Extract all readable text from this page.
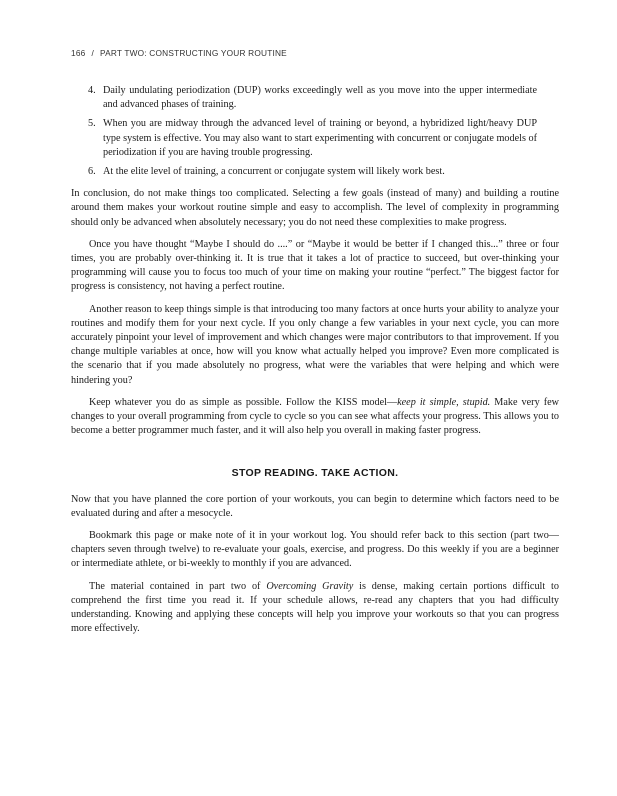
166 / PART TWO: CONSTRUCTING YOUR ROUTINE
4. Daily undulating periodization (DUP) works exceedingly well as you move into the upper intermediate and advanced phases of training.
5. When you are midway through the advanced level of training or beyond, a hybridized light/heavy DUP type system is effective. You may also want to start experimenting with concurrent or conjugate models of periodization if you are having trouble progressing.
6. At the elite level of training, a concurrent or conjugate system will likely work best.

In conclusion, do not make things too complicated. Selecting a few goals (instead of many) and building a routine around them makes your workout routine simple and easy to accomplish. The level of complexity in programming should only be advanced when absolutely necessary; you do not need these complexities to make progress.

Once you have thought “Maybe I should do ....” or “Maybe it would be better if I changed this...” three or four times, you are probably over-thinking it. It is true that it takes a lot of practice to succeed, but over-thinking your programming will cause you to focus too much of your time on making your routine “perfect.” The biggest factor for progress is consistency, not having a perfect routine.

Another reason to keep things simple is that introducing too many factors at once hurts your ability to analyze your routines and modify them for your next cycle. If you only change a few variables in your next cycle, you can more accurately pinpoint your level of improvement and which changes were major contributors to that improvement. If you change multiple variables at once, how will you know what actually helped you improve? Even more complicated is the scenario that if you made absolutely no progress, what were the variables that were helping and which were hindering you?

Keep whatever you do as simple as possible. Follow the KISS model—keep it simple, stupid. Make very few changes to your overall programming from cycle to cycle so you can see what affects your progress. This allows you to become a better programmer much faster, and it will also help you overall in making faster progress.

STOP READING. TAKE ACTION.

Now that you have planned the core portion of your workouts, you can begin to determine which factors need to be evaluated during and after a mesocycle.

Bookmark this page or make note of it in your workout log. You should refer back to this section (part two—chapters seven through twelve) to re-evaluate your goals, exercise, and progress. Do this weekly if you are a beginner or intermediate athlete, or bi-weekly to monthly if you are advanced.

The material contained in part two of Overcoming Gravity is dense, making certain portions difficult to comprehend the first time you read it. If your schedule allows, re-read any chapters that you had difficulty understanding. Knowing and applying these concepts will help you improve your workouts so that you can progress more effectively.
